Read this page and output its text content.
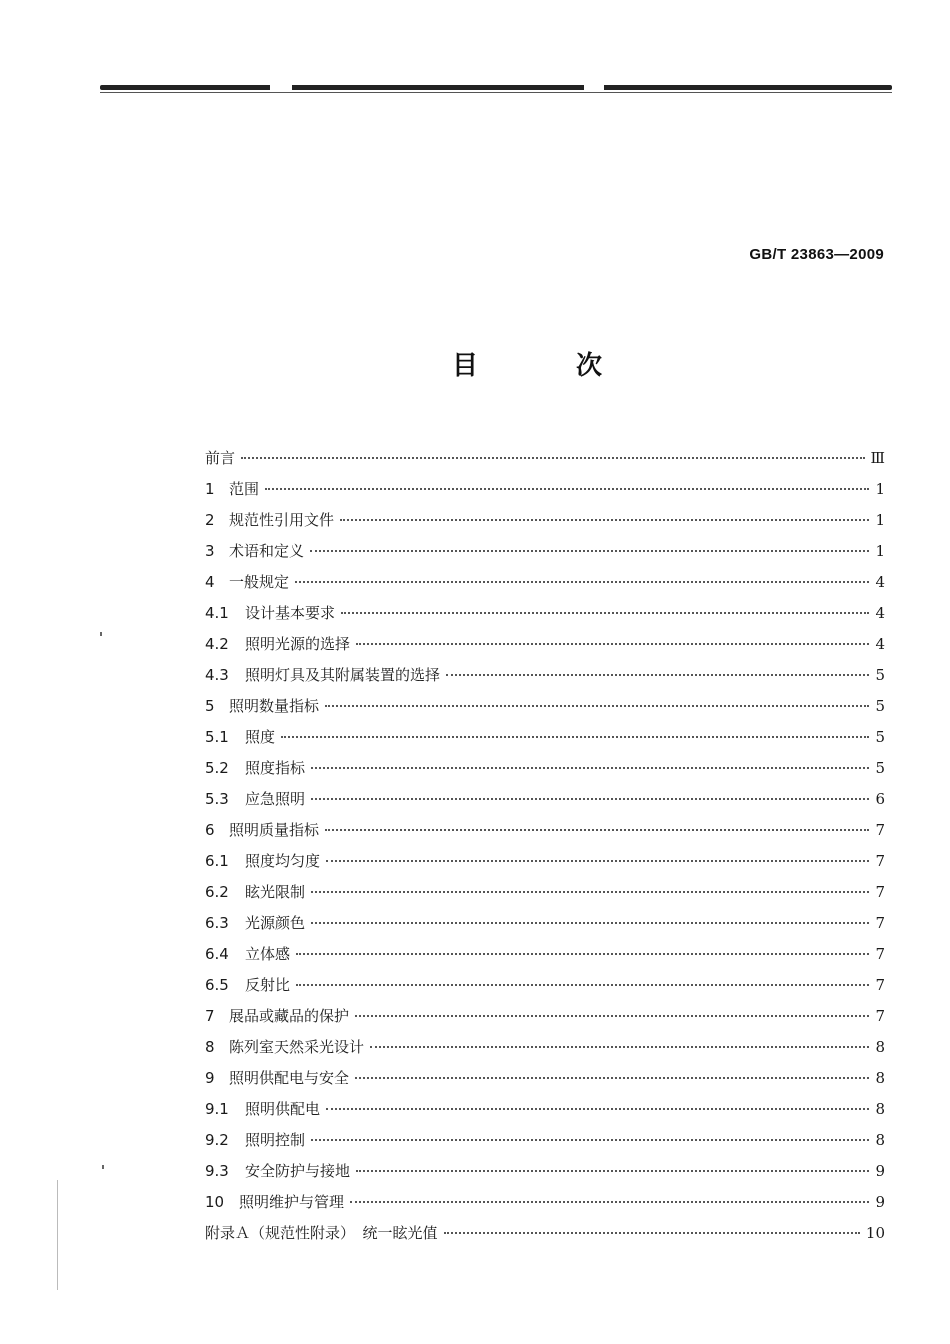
GB/T 23863—2009
目　次
前言	Ⅲ
1 范围	1
2 规范性引用文件	1
3 术语和定义	1
4 一般规定	4
4.1	设计基本要求	4
4.2	照明光源的选择	4
4.3	照明灯具及其附属装置的选择	5
5 照明数量指标	5
5.1	照度	5
5.2	照度指标	5
5.3	应急照明	6
6 照明质量指标	7
6.1	照度均匀度	7
6.2	眩光限制	7
6.3	光源颜色	7
6.4	立体感	7
6.5	反射比	7
7 展品或藏品的保护	7
8 陈列室天然采光设计	8
9 照明供配电与安全	8
9.1	照明供配电	8
9.2	照明控制	8
9.3	安全防护与接地	9
10 照明维护与管理	9
附录Ａ（规范性附录）　统一眩光值	10
